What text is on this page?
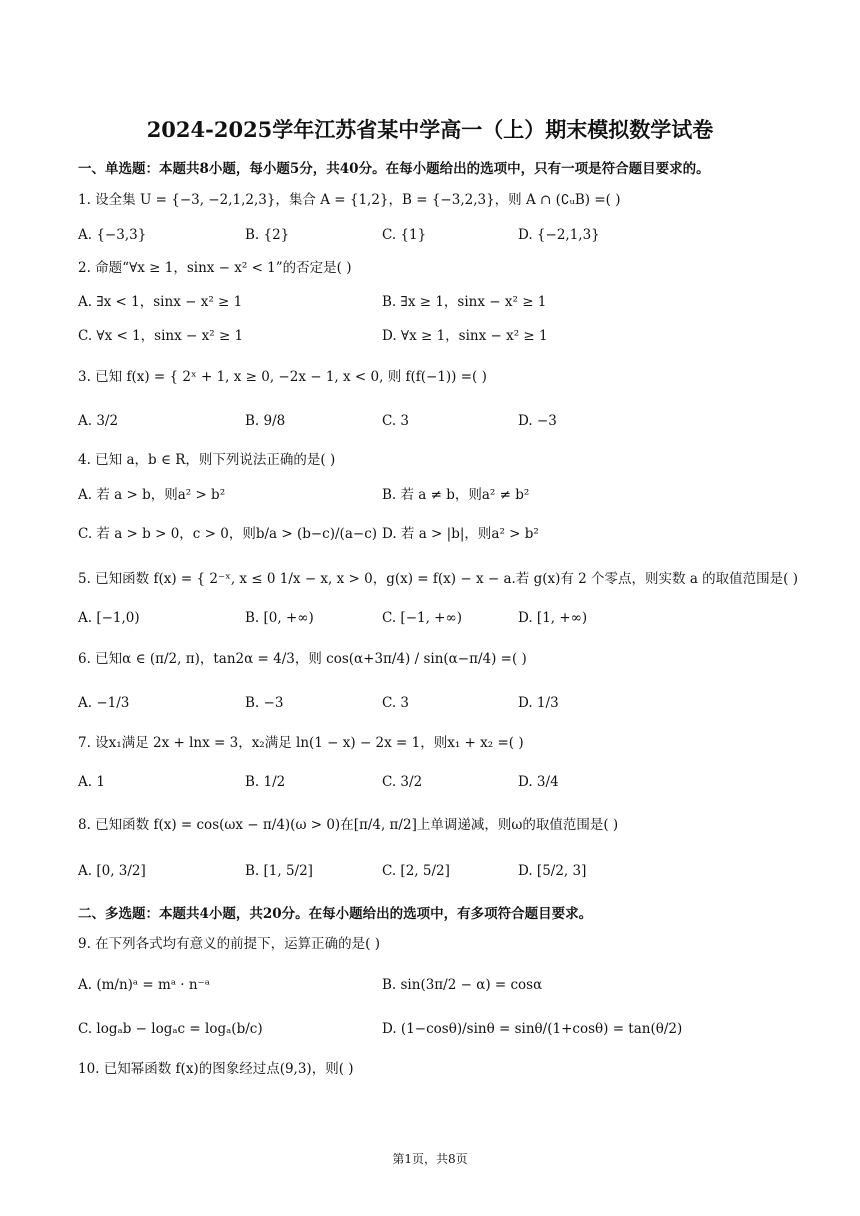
2024-2025学年江苏省某中学高一（上）期末模拟数学试卷
一、单选题：本题共8小题，每小题5分，共40分。在每小题给出的选项中，只有一项是符合题目要求的。
1. 设全集 U = {−3, −2,1,2,3}，集合 A = {1,2}，B = {−3,2,3}，则 A ∩ (∁ᵤB) =( )
A. {−3,3}	B. {2}	C. {1}	D. {−2,1,3}
2. 命题“∀x ≥ 1，sinx − x² < 1”的否定是( )
A. ∃x < 1，sinx − x² ≥ 1	B. ∃x ≥ 1，sinx − x² ≥ 1
C. ∀x < 1，sinx − x² ≥ 1	D. ∀x ≥ 1，sinx − x² ≥ 1
3. 已知 f(x) = { 2ˣ + 1, x ≥ 0, −2x − 1, x < 0, 则 f(f(−1)) =( )
A. 3/2	B. 9/8	C. 3	D. −3
4. 已知 a，b ∈ R，则下列说法正确的是( )
A. 若 a > b，则a² > b²	B. 若 a ≠ b，则a² ≠ b²
C. 若 a > b > 0，c > 0，则b/a > (b−c)/(a−c) D. 若 a > |b|，则a² > b²
5. 已知函数 f(x) = { 2⁻ˣ, x ≤ 0 1/x − x, x > 0，g(x) = f(x) − x − a.若 g(x)有 2 个零点，则实数 a 的取值范围是( )
A. [−1,0)	B. [0, +∞)	C. [−1, +∞)	D. [1, +∞)
6. 已知α ∈ (π/2, π)，tan2α = 4/3，则 cos(α+3π/4) / sin(α−π/4) =( )
A. −1/3	B. −3	C. 3	D. 1/3
7. 设x₁满足 2x + lnx = 3，x₂满足 ln(1 − x) − 2x = 1，则x₁ + x₂ =( )
A. 1	B. 1/2	C. 3/2	D. 3/4
8. 已知函数 f(x) = cos(ωx − π/4)(ω > 0)在[π/4, π/2]上单调递减，则ω的取值范围是( )
A. [0, 3/2]	B. [1, 5/2]	C. [2, 5/2]	D. [5/2, 3]
二、多选题：本题共4小题，共20分。在每小题给出的选项中，有多项符合题目要求。
9. 在下列各式均有意义的前提下，运算正确的是( )
A. (m/n)ᵃ = mᵃ · n⁻ᵃ	B. sin(3π/2 − α) = cosα
C. logₐb − logₐc = logₐ(b/c)	D. (1−cosθ)/sinθ = sinθ/(1+cosθ) = tan(θ/2)
10. 已知幂函数 f(x)的图象经过点(9,3)，则( )
第1页，共8页
